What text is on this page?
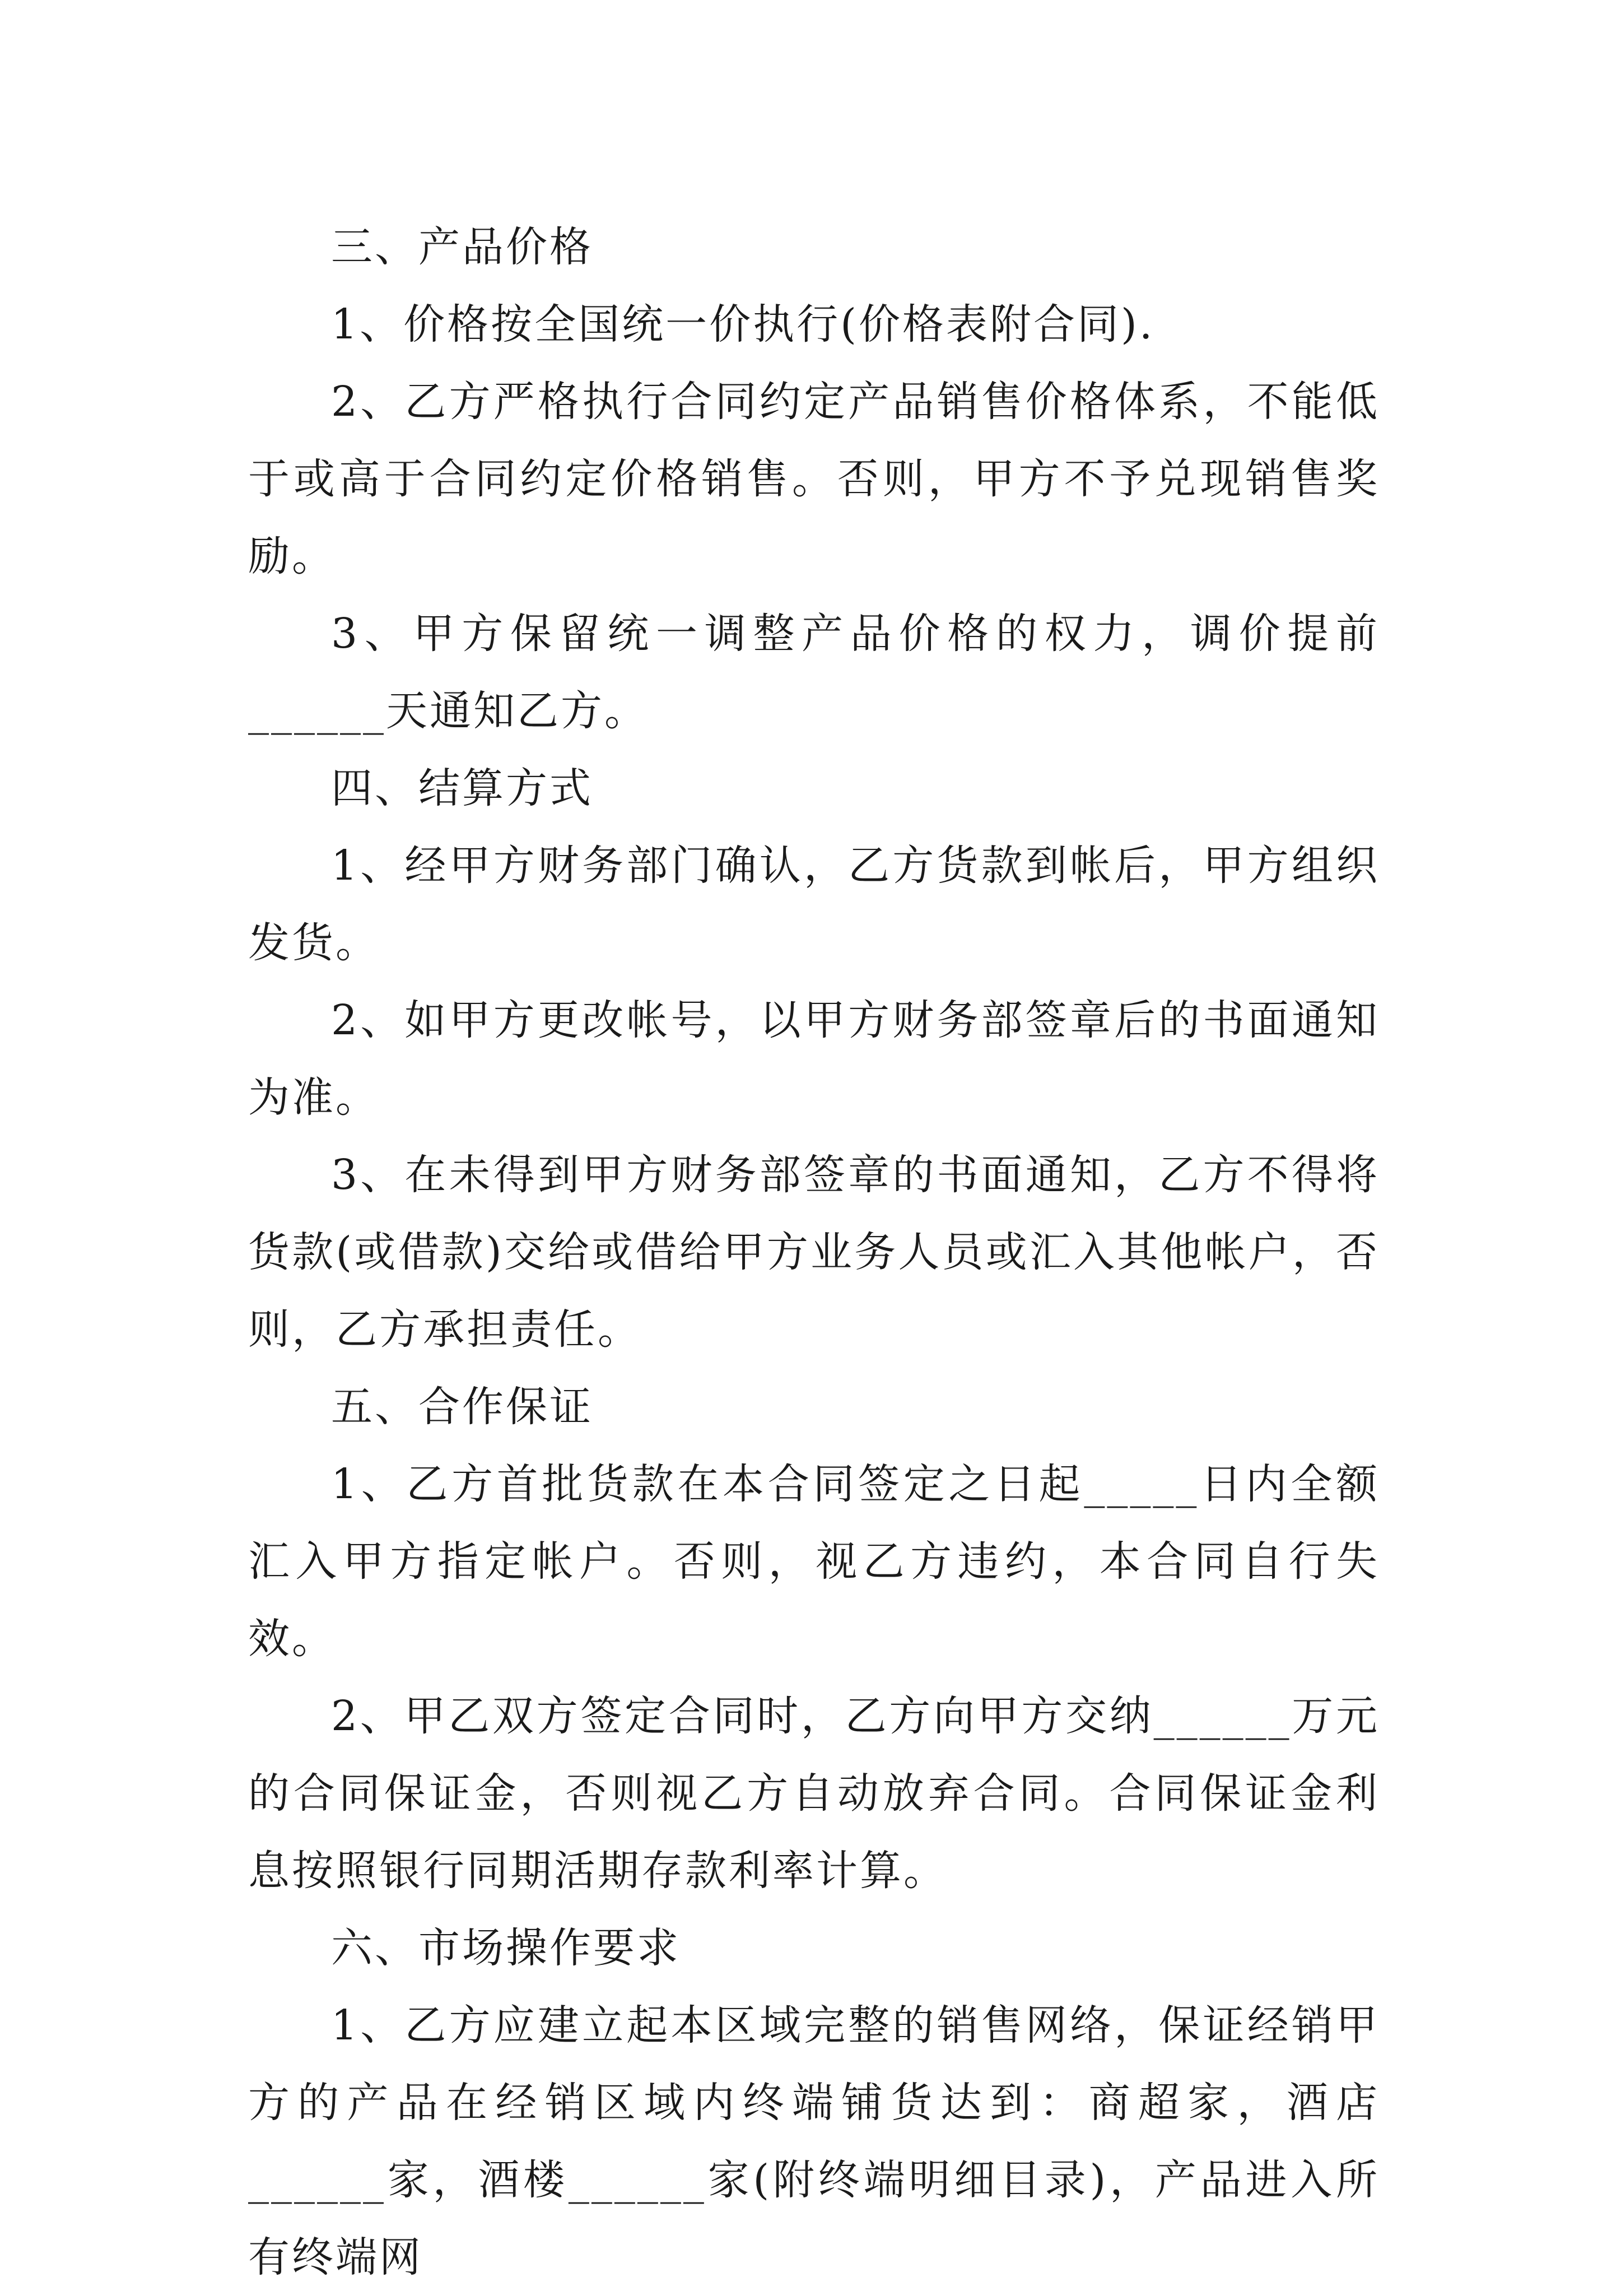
三、产品价格

1、价格按全国统一价执行(价格表附合同).

2、乙方严格执行合同约定产品销售价格体系，不能低于或高于合同约定价格销售。否则，甲方不予兑现销售奖励。

3、甲方保留统一调整产品价格的权力，调价提前______天通知乙方。

四、结算方式

1、经甲方财务部门确认，乙方货款到帐后，甲方组织发货。

2、如甲方更改帐号，以甲方财务部签章后的书面通知为准。

3、在未得到甲方财务部签章的书面通知，乙方不得将货款(或借款)交给或借给甲方业务人员或汇入其他帐户，否则，乙方承担责任。

五、合作保证

1、乙方首批货款在本合同签定之日起_____日内全额汇入甲方指定帐户。否则，视乙方违约，本合同自行失效。

2、甲乙双方签定合同时，乙方向甲方交纳______万元的合同保证金，否则视乙方自动放弃合同。合同保证金利息按照银行同期活期存款利率计算。

六、市场操作要求

1、乙方应建立起本区域完整的销售网络，保证经销甲方的产品在经销区域内终端铺货达到：商超家，酒店______家，酒楼______家(附终端明细目录)，产品进入所有终端网
